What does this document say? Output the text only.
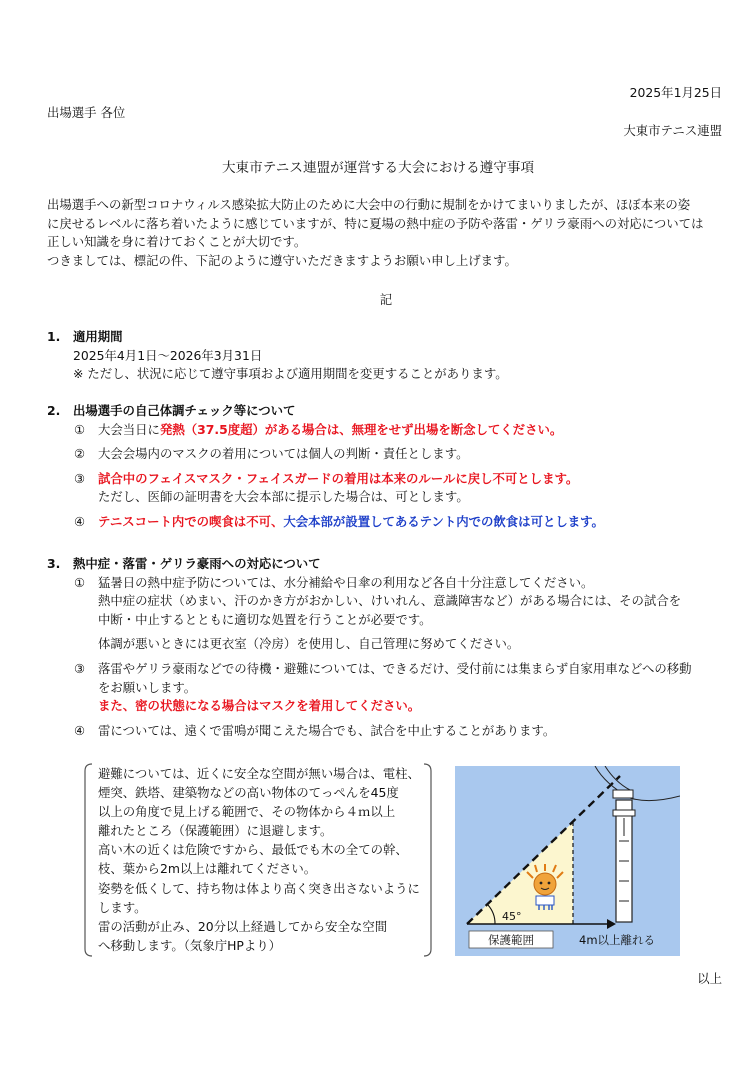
2025年1月25日
出場選手 各位
大東市テニス連盟
大東市テニス連盟が運営する大会における遵守事項

出場選手への新型コロナウィルス感染拡大防止のために大会中の行動に規制をかけてまいりましたが、ほぼ本来の姿

に戻せるレベルに落ち着いたように感じていますが、特に夏場の熱中症の予防や落雷・ゲリラ豪雨への対応については

正しい知識を身に着けておくことが大切です。

つきましては、標記の件、下記のように遵守いただきますようお願い申し上げます。

記
1. 適用期間
2025年4月1日～2026年3月31日
※ ただし、状況に応じて遵守事項および適用期間を変更することがあります。
2. 出場選手の自己体調チェック等について
① 大会当日に発熱（37.5度超）がある場合は、無理をせず出場を断念してください。
② 大会会場内のマスクの着用については個人の判断・責任とします。
③ 試合中のフェイスマスク・フェイスガードの着用は本来のルールに戻し不可とします。
ただし、医師の証明書を大会本部に提示した場合は、可とします。
④ テニスコート内での喫食は不可、大会本部が設置してあるテント内での飲食は可とします。
3. 熱中症・落雷・ゲリラ豪雨への対応について
① 猛暑日の熱中症予防については、水分補給や日傘の利用など各自十分注意してください。
熱中症の症状（めまい、汗のかき方がおかしい、けいれん、意識障害など）がある場合には、その試合を
中断・中止するとともに適切な処置を行うことが必要です。
体調が悪いときには更衣室（冷房）を使用し、自己管理に努めてください。
③ 落雷やゲリラ豪雨などでの待機・避難については、できるだけ、受付前には集まらず自家用車などへの移動
をお願いします。
また、密の状態になる場合はマスクを着用してください。
④ 雷については、遠くで雷鳴が聞こえた場合でも、試合を中止することがあります。
避難については、近くに安全な空間が無い場合は、電柱、
煙突、鉄塔、建築物などの高い物体のてっぺんを45度
以上の角度で見上げる範囲で、その物体から４ｍ以上
離れたところ（保護範囲）に退避します。
高い木の近くは危険ですから、最低でも木の全ての幹、
枝、葉から2m以上は離れてください。
姿勢を低くして、持ち物は体より高く突き出さないように
します。
雷の活動が止み、20分以上経過してから安全な空間
へ移動します。（気象庁HPより）
45°
保護範囲	4m以上離れる
以上
